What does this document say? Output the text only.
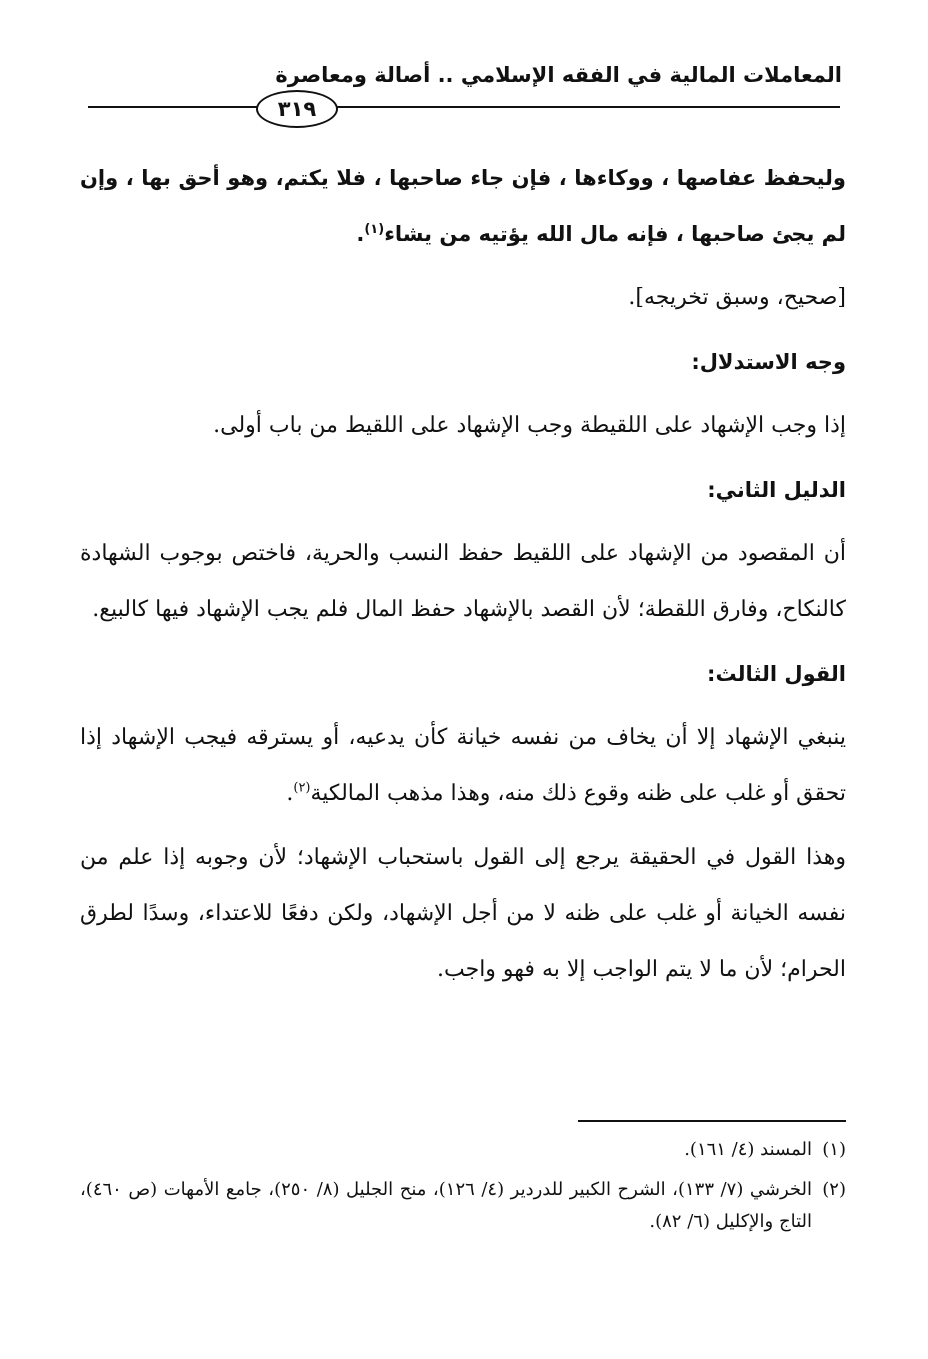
المعاملات المالية في الفقه الإسلامي .. أصالة ومعاصرة
٣١٩

وليحفظ عفاصها ، ووكاءها ، فإن جاء صاحبها ، فلا يكتم، وهو أحق بها ، وإن لم يجئ صاحبها ، فإنه مال الله يؤتيه من يشاء$^{(١)}$.

[صحيح، وسبق تخريجه].

وجه الاستدلال:

إذا وجب الإشهاد على اللقيطة وجب الإشهاد على اللقيط من باب أولى.

الدليل الثاني:

أن المقصود من الإشهاد على اللقيط حفظ النسب والحرية، فاختص بوجوب الشهادة كالنكاح، وفارق اللقطة؛ لأن القصد بالإشهاد حفظ المال فلم يجب الإشهاد فيها كالبيع.

القول الثالث:

ينبغي الإشهاد إلا أن يخاف من نفسه خيانة كأن يدعيه، أو يسترقه فيجب الإشهاد إذا تحقق أو غلب على ظنه وقوع ذلك منه، وهذا مذهب المالكية$^{(٢)}$.

وهذا القول في الحقيقة يرجع إلى القول باستحباب الإشهاد؛ لأن وجوبه إذا علم من نفسه الخيانة أو غلب على ظنه لا من أجل الإشهاد، ولكن دفعًا للاعتداء، وسدًا لطرق الحرام؛ لأن ما لا يتم الواجب إلا به فهو واجب.

(١)
المسند (٤/ ١٦١).
(٢)
الخرشي (٧/ ١٣٣)، الشرح الكبير للدردير (٤/ ١٢٦)، منح الجليل (٨/ ٢٥٠)، جامع الأمهات (ص ٤٦٠)، التاج والإكليل (٦/ ٨٢).
